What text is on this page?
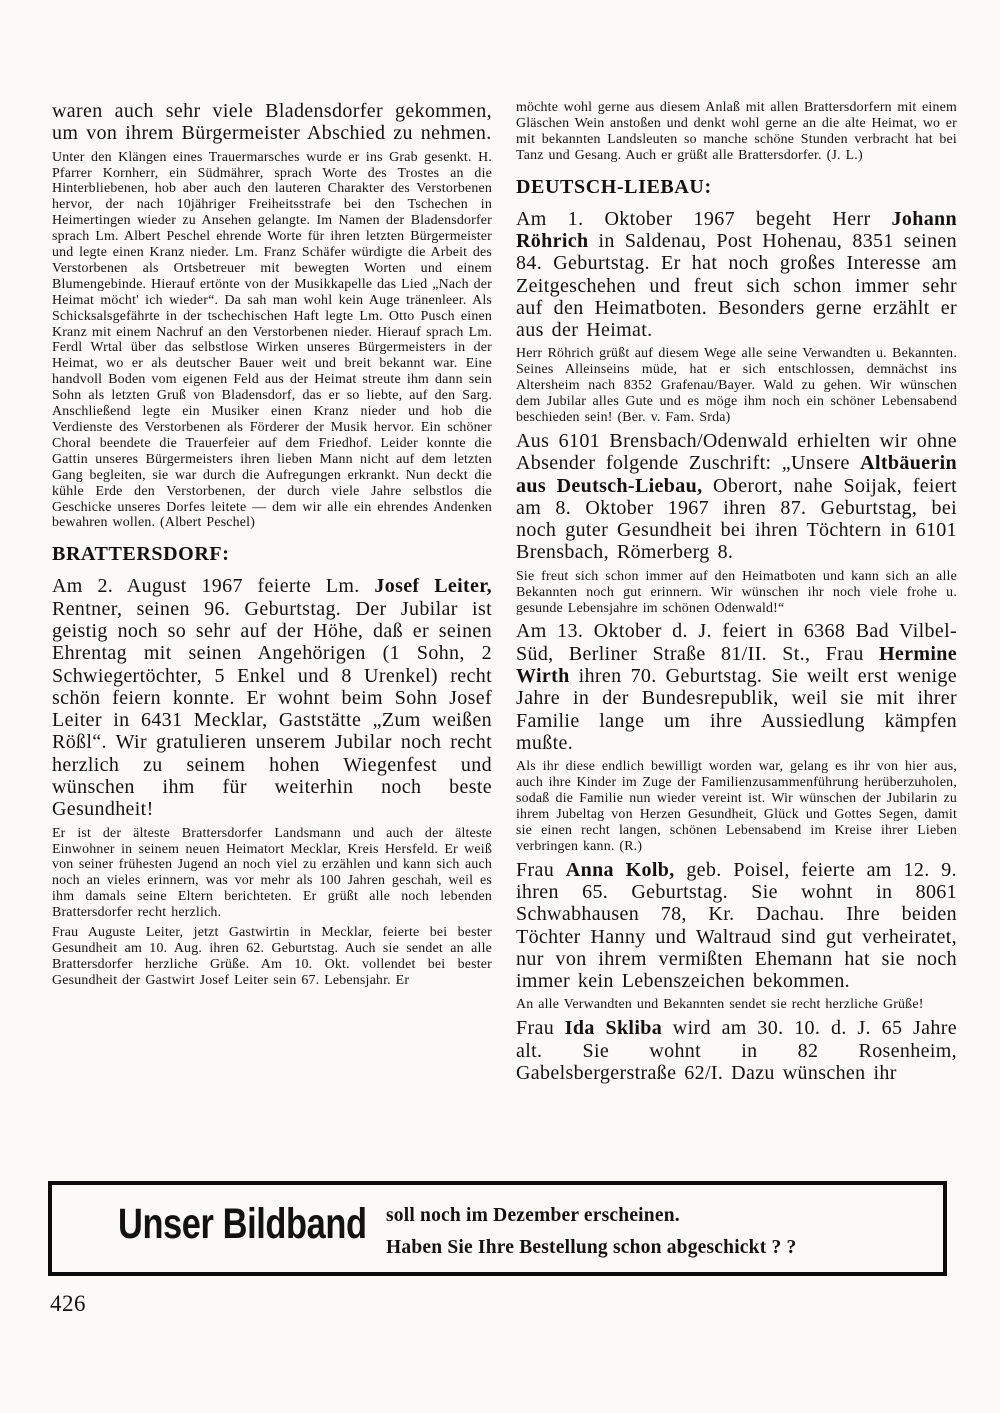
waren auch sehr viele Bladensdorfer gekommen, um von ihrem Bürgermeister Abschied zu nehmen.

Unter den Klängen eines Trauermarsches wurde er ins Grab gesenkt. H. Pfarrer Kornherr, ein Südmährer, sprach Worte des Trostes an die Hinterbliebenen, hob aber auch den lauteren Charakter des Verstorbenen hervor, der nach 10jähriger Freiheitsstrafe bei den Tschechen in Heimertingen wieder zu Ansehen gelangte. Im Namen der Bladensdorfer sprach Lm. Albert Peschel ehrende Worte für ihren letzten Bürgermeister und legte einen Kranz nieder. Lm. Franz Schäfer würdigte die Arbeit des Verstorbenen als Ortsbetreuer mit bewegten Worten und einem Blumengebinde. Hierauf ertönte von der Musikkapelle das Lied „Nach der Heimat möcht' ich wieder“. Da sah man wohl kein Auge tränenleer. Als Schicksalsgefährte in der tschechischen Haft legte Lm. Otto Pusch einen Kranz mit einem Nachruf an den Verstorbenen nieder. Hierauf sprach Lm. Ferdl Wrtal über das selbstlose Wirken unseres Bürgermeisters in der Heimat, wo er als deutscher Bauer weit und breit bekannt war. Eine handvoll Boden vom eigenen Feld aus der Heimat streute ihm dann sein Sohn als letzten Gruß von Bladensdorf, das er so liebte, auf den Sarg. Anschließend legte ein Musiker einen Kranz nieder und hob die Verdienste des Verstorbenen als Förderer der Musik hervor. Ein schöner Choral beendete die Trauerfeier auf dem Friedhof. Leider konnte die Gattin unseres Bürgermeisters ihren lieben Mann nicht auf dem letzten Gang begleiten, sie war durch die Aufregungen erkrankt. Nun deckt die kühle Erde den Verstorbenen, der durch viele Jahre selbstlos die Geschicke unseres Dorfes leitete — dem wir alle ein ehrendes Andenken bewahren wollen. (Albert Peschel)

BRATTERSDORF:

Am 2. August 1967 feierte Lm. Josef Leiter, Rentner, seinen 96. Geburtstag. Der Jubilar ist geistig noch so sehr auf der Höhe, daß er seinen Ehrentag mit seinen Angehörigen (1 Sohn, 2 Schwiegertöchter, 5 Enkel und 8 Urenkel) recht schön feiern konnte. Er wohnt beim Sohn Josef Leiter in 6431 Mecklar, Gaststätte „Zum weißen Rößl“. Wir gratulieren unserem Jubilar noch recht herzlich zu seinem hohen Wiegenfest und wünschen ihm für weiterhin noch beste Gesundheit!

Er ist der älteste Brattersdorfer Landsmann und auch der älteste Einwohner in seinem neuen Heimatort Mecklar, Kreis Hersfeld. Er weiß von seiner frühesten Jugend an noch viel zu erzählen und kann sich auch noch an vieles erinnern, was vor mehr als 100 Jahren geschah, weil es ihm damals seine Eltern berichteten. Er grüßt alle noch lebenden Brattersdorfer recht herzlich.

Frau Auguste Leiter, jetzt Gastwirtin in Mecklar, feierte bei bester Gesundheit am 10. Aug. ihren 62. Geburtstag. Auch sie sendet an alle Brattersdorfer herzliche Grüße. Am 10. Okt. vollendet bei bester Gesundheit der Gastwirt Josef Leiter sein 67. Lebensjahr. Er

möchte wohl gerne aus diesem Anlaß mit allen Brattersdorfern mit einem Gläschen Wein anstoßen und denkt wohl gerne an die alte Heimat, wo er mit bekannten Landsleuten so manche schöne Stunden verbracht hat bei Tanz und Gesang. Auch er grüßt alle Brattersdorfer. (J. L.)

DEUTSCH-LIEBAU:

Am 1. Oktober 1967 begeht Herr Johann Röhrich in Saldenau, Post Hohenau, 8351 seinen 84. Geburtstag. Er hat noch großes Interesse am Zeitgeschehen und freut sich schon immer sehr auf den Heimatboten. Besonders gerne erzählt er aus der Heimat.

Herr Röhrich grüßt auf diesem Wege alle seine Verwandten u. Bekannten. Seines Alleinseins müde, hat er sich entschlossen, demnächst ins Altersheim nach 8352 Grafenau/Bayer. Wald zu gehen. Wir wünschen dem Jubilar alles Gute und es möge ihm noch ein schöner Lebensabend beschieden sein! (Ber. v. Fam. Srda)

Aus 6101 Brensbach/Odenwald erhielten wir ohne Absender folgende Zuschrift: „Unsere Altbäuerin aus Deutsch-Liebau, Oberort, nahe Soijak, feiert am 8. Oktober 1967 ihren 87. Geburtstag, bei noch guter Gesundheit bei ihren Töchtern in 6101 Brensbach, Römerberg 8.

Sie freut sich schon immer auf den Heimatboten und kann sich an alle Bekannten noch gut erinnern. Wir wünschen ihr noch viele frohe u. gesunde Lebensjahre im schönen Odenwald!“

Am 13. Oktober d. J. feiert in 6368 Bad Vilbel-Süd, Berliner Straße 81/II. St., Frau Hermine Wirth ihren 70. Geburtstag. Sie weilt erst wenige Jahre in der Bundesrepublik, weil sie mit ihrer Familie lange um ihre Aussiedlung kämpfen mußte.

Als ihr diese endlich bewilligt worden war, gelang es ihr von hier aus, auch ihre Kinder im Zuge der Familienzusammenführung herüberzuholen, sodaß die Familie nun wieder vereint ist. Wir wünschen der Jubilarin zu ihrem Jubeltag von Herzen Gesundheit, Glück und Gottes Segen, damit sie einen recht langen, schönen Lebensabend im Kreise ihrer Lieben verbringen kann. (R.)

Frau Anna Kolb, geb. Poisel, feierte am 12. 9. ihren 65. Geburtstag. Sie wohnt in 8061 Schwabhausen 78, Kr. Dachau. Ihre beiden Töchter Hanny und Waltraud sind gut verheiratet, nur von ihrem vermißten Ehemann hat sie noch immer kein Lebenszeichen bekommen.

An alle Verwandten und Bekannten sendet sie recht herzliche Grüße!

Frau Ida Skliba wird am 30. 10. d. J. 65 Jahre alt. Sie wohnt in 82 Rosenheim, Gabelsbergerstraße 62/I. Dazu wünschen ihr

Unser Bildband soll noch im Dezember erscheinen.
Haben Sie Ihre Bestellung schon abgeschickt ? ?
426
